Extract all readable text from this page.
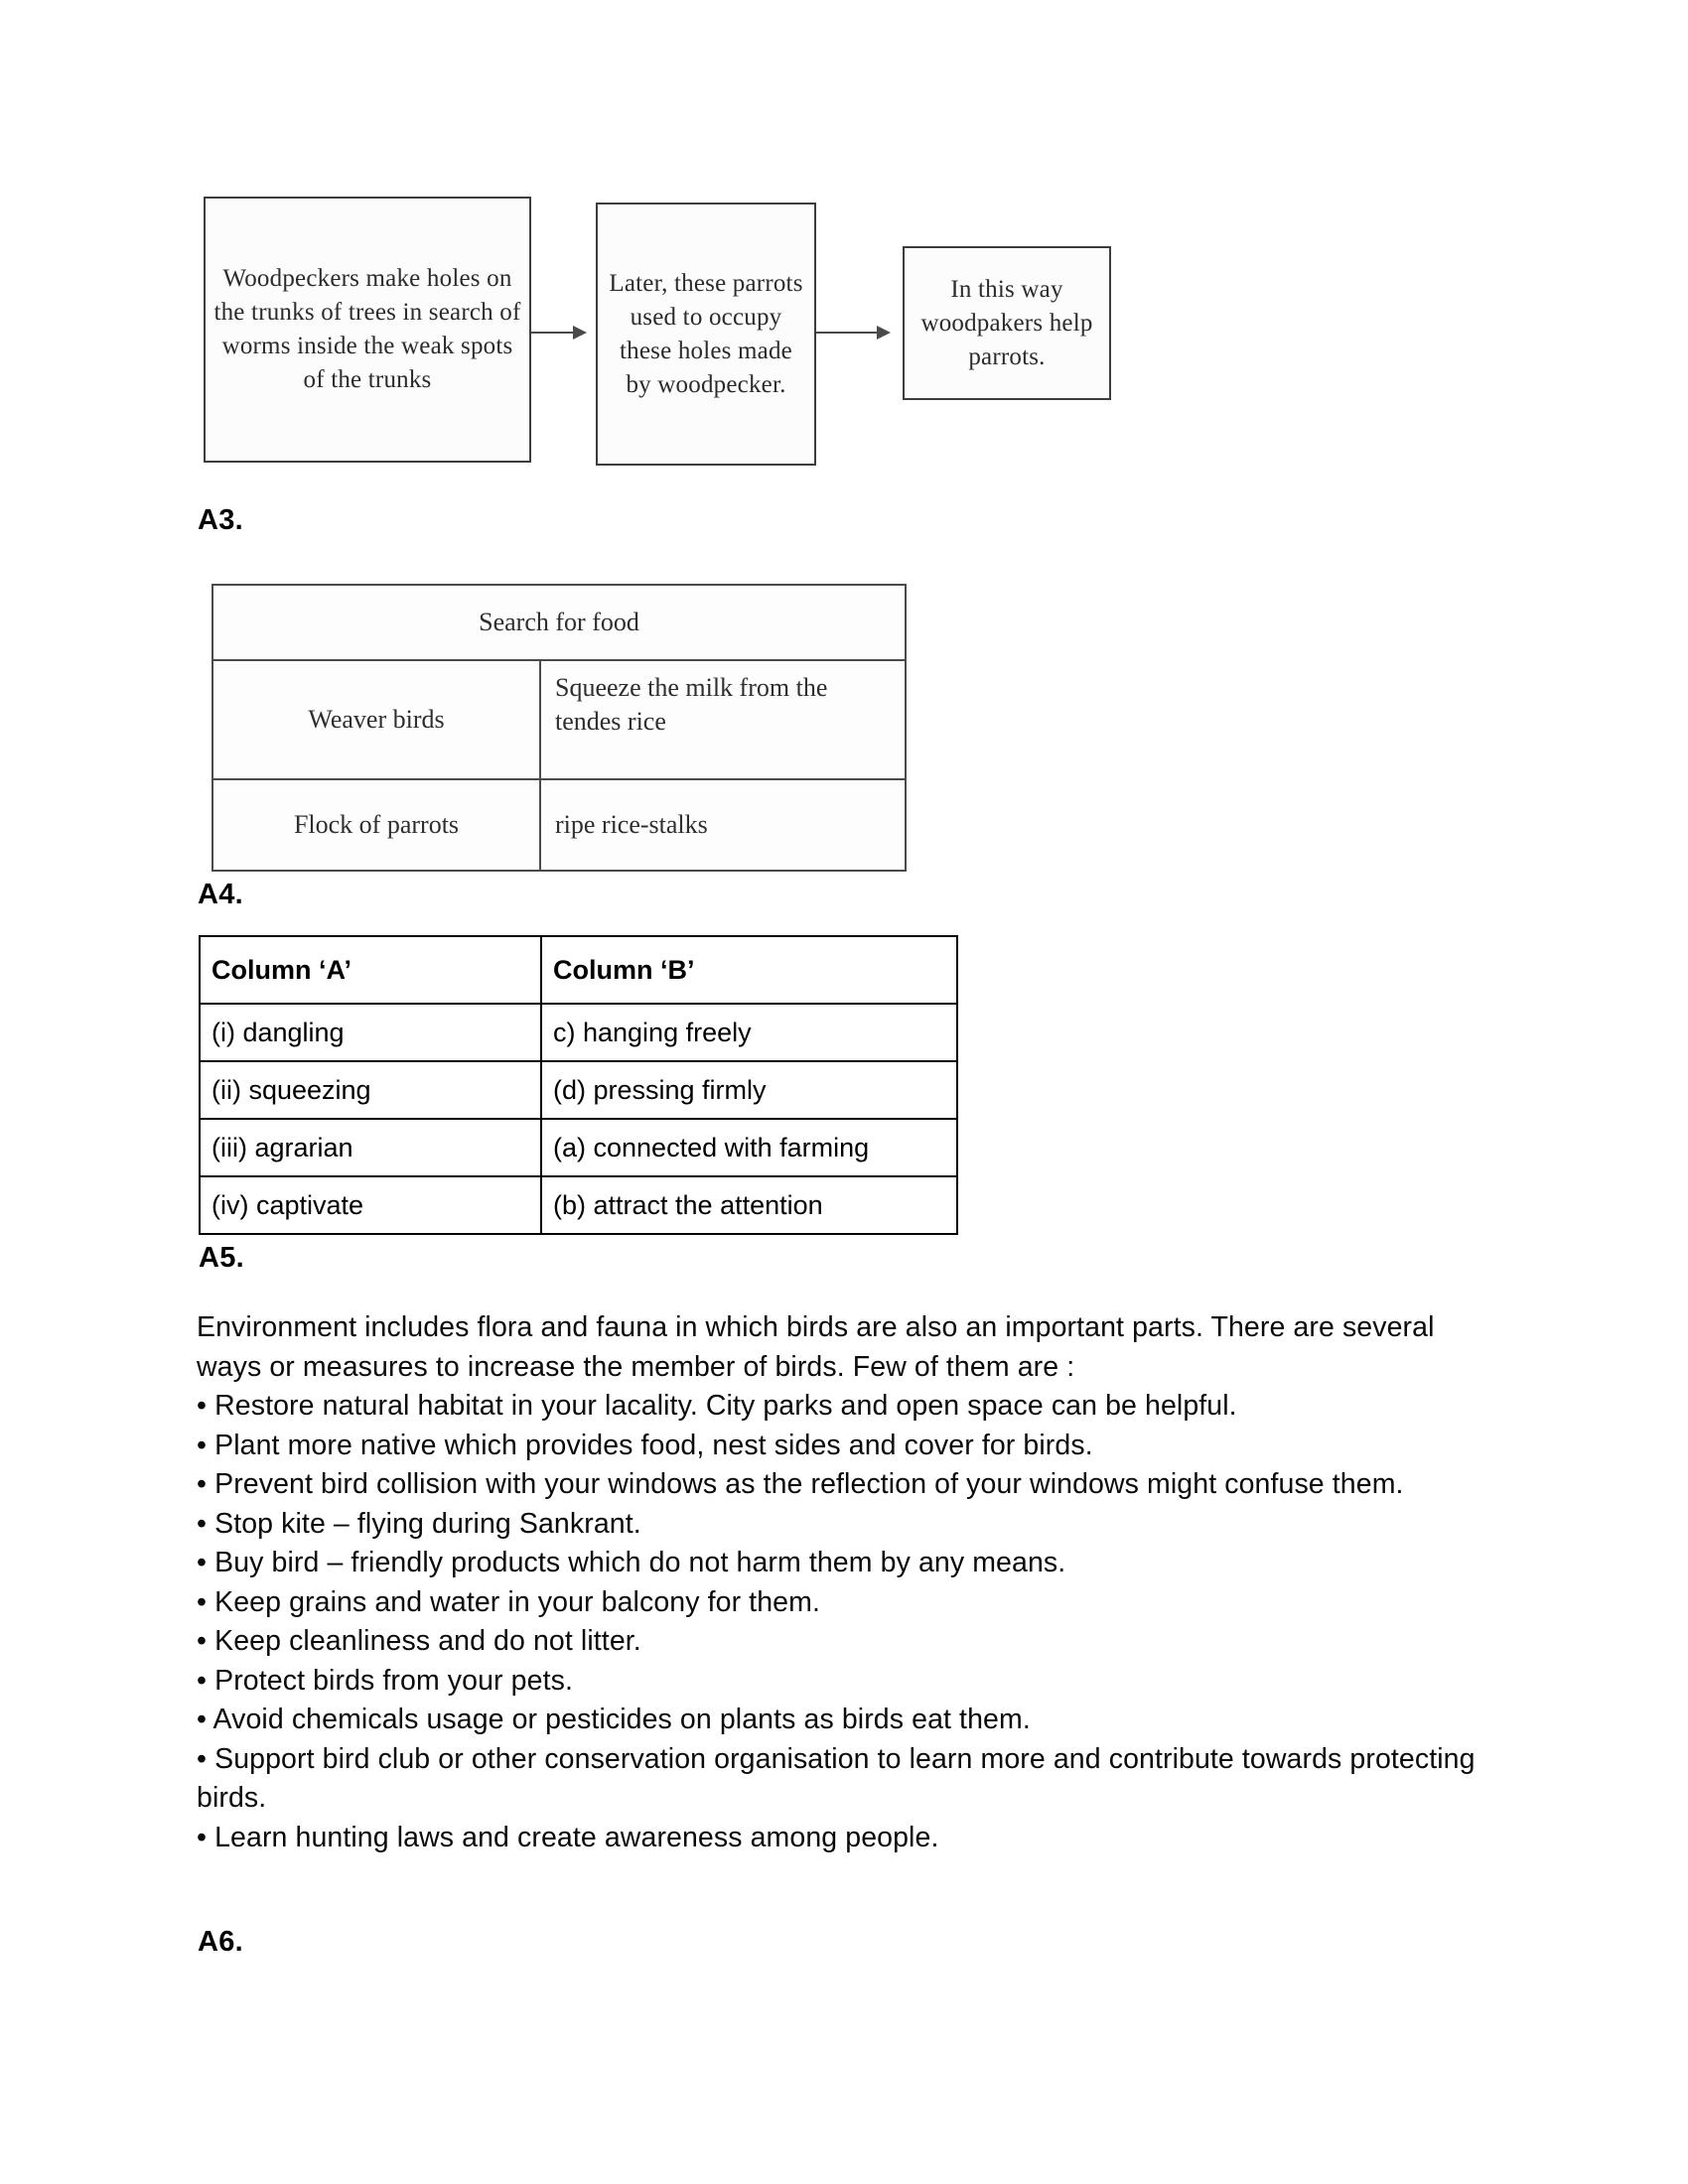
Woodpeckers make holes on the trunks of trees in search of worms inside the weak spots of the trunks
Later, these parrots used to occupy these holes made by woodpecker.
In this way woodpakers help parrots.
A3.
Search for food	
Weaver birds	Squeeze the milk from the tendes rice
Flock of parrots	ripe rice-stalks
A4.
Column ‘A’	Column ‘B’
(i) dangling	c) hanging freely
(ii) squeezing	(d) pressing firmly
(iii) agrarian	(a) connected with farming
(iv) captivate	(b) attract the attention
A5.

Environment includes flora and fauna in which birds are also an important parts. There are several ways or measures to increase the member of birds. Few of them are :

• Restore natural habitat in your lacality. City parks and open space can be helpful.

• Plant more native which provides food, nest sides and cover for birds.

• Prevent bird collision with your windows as the reflection of your windows might confuse them.

• Stop kite – flying during Sankrant.

• Buy bird – friendly products which do not harm them by any means.

• Keep grains and water in your balcony for them.

• Keep cleanliness and do not litter.

• Protect birds from your pets.

• Avoid chemicals usage or pesticides on plants as birds eat them.

• Support bird club or other conservation organisation to learn more and contribute towards protecting birds.

• Learn hunting laws and create awareness among people.

A6.
